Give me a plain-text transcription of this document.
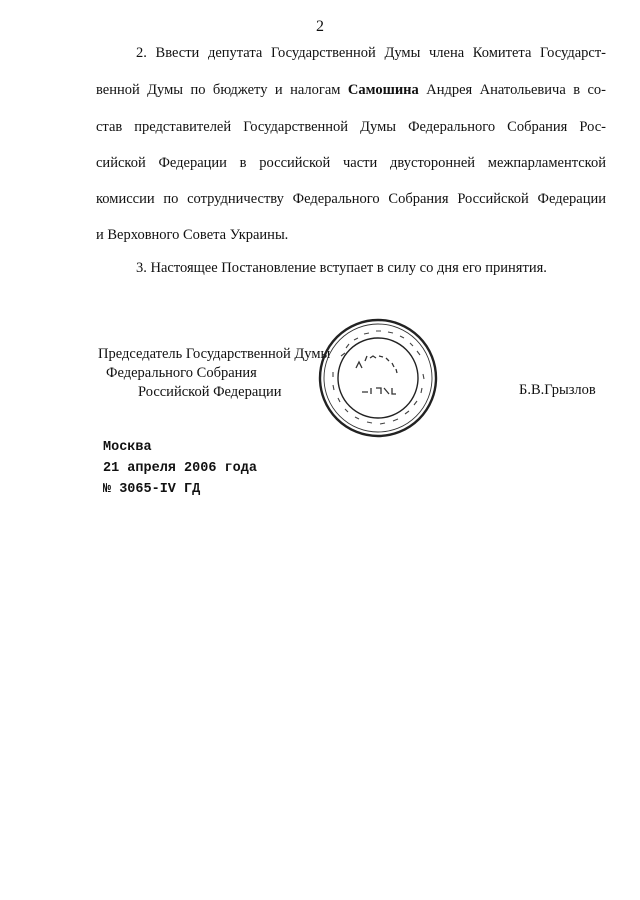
2
2. Ввести депутата Государственной Думы члена Комитета Государст-
венной Думы по бюджету и налогам Самошина Андрея Анатольевича в со-
став представителей Государственной Думы Федерального Собрания Рос-
сийской Федерации в российской части двусторонней межпарламентской
комиссии по сотрудничеству Федерального Собрания Российской Федерации
и Верховного Совета Украины.
3. Настоящее Постановление вступает в силу со дня его принятия.
Председатель Государственной Думы
Федерального Собрания
Российской Федерации	Б.В.Грызлов
Москва
21 апреля 2006 года
№ 3065-IV ГД
